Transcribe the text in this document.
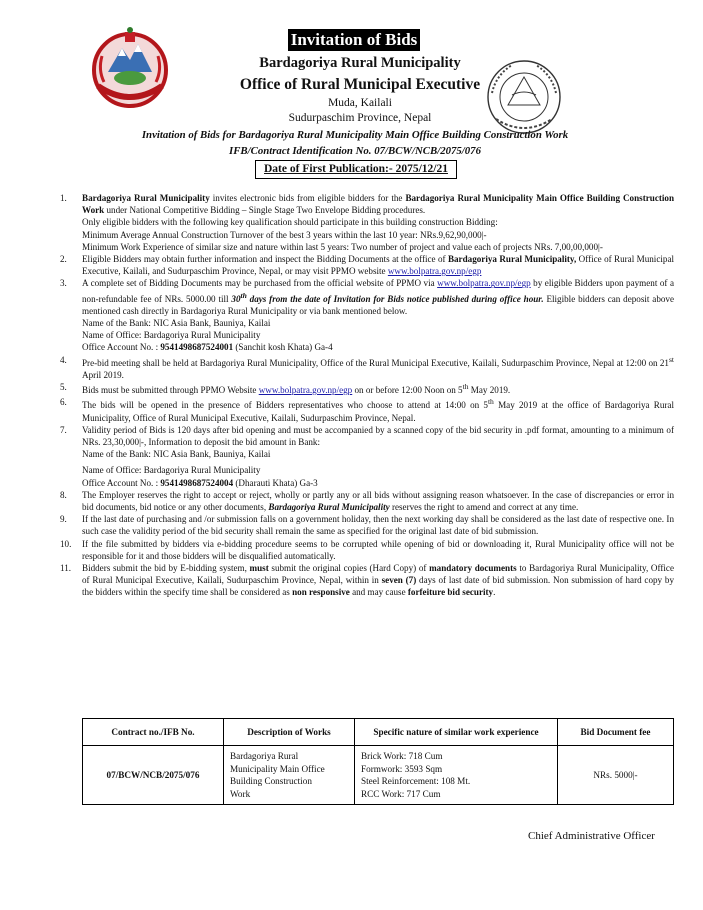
Invitation of Bids
Bardagoriya Rural Municipality
Office of Rural Municipal Executive
Muda, Kailali
Sudurpaschim Province, Nepal
Invitation of Bids for Bardagoriya Rural Municipality Main Office Building Construction Work
IFB/Contract Identification No. 07/BCW/NCB/2075/076
Date of First Publication:- 2075/12/21
1.	Bardagoriya Rural Municipality invites electronic bids from eligible bidders for the Bardagoriya Rural Municipality Main Office Building Construction Work under National Competitive Bidding – Single Stage Two Envelope Bidding procedures.
Only eligible bidders with the following key qualification should participate in this building construction Bidding:
Minimum Average Annual Construction Turnover of the best 3 years within the last 10 year: NRs.9,62,90,000|-
Minimum Work Experience of similar size and nature within last 5 years: Two number of project and value each of projects NRs. 7,00,00,000|-
2.	Eligible Bidders may obtain further information and inspect the Bidding Documents at the office of Bardagoriya Rural Municipality, Office of Rural Municipal Executive, Kailali, and Sudurpaschim Province, Nepal, or may visit PPMO website www.bolpatra.gov.np/egp
3.	A complete set of Bidding Documents may be purchased from the official website of PPMO via www.bolpatra.gov.np/egp by eligible Bidders upon payment of a non-refundable fee of NRs. 5000.00 till 30th days from the date of Invitation for Bids notice published during office hour. Eligible bidders can deposit above mentioned cash directly in Bardagoriya Rural Municipality or via bank mentioned below.
Name of the Bank: NIC Asia Bank, Bauniya, Kailai
Name of Office: Bardagoriya Rural Municipality
Office Account No. : 9541498687524001 (Sanchit kosh Khata) Ga-4
4.	Pre-bid meeting shall be held at Bardagoriya Rural Municipality, Office of the Rural Municipal Executive, Kailali, Sudurpaschim Province, Nepal at 12:00 on 21st April 2019.
5.	Bids must be submitted through PPMO Website www.bolpatra.gov.np/egp on or before 12:00 Noon on 5th May 2019.
6.	The bids will be opened in the presence of Bidders representatives who choose to attend at 14:00 on 5th May 2019 at the office of Bardagoriya Rural Municipality, Office of Rural Municipal Executive, Kailali, Sudurpaschim Province, Nepal.
7.	Validity period of Bids is 120 days after bid opening and must be accompanied by a scanned copy of the bid security in .pdf format, amounting to a minimum of NRs. 23,30,000|-, Information to deposit the bid amount in Bank:
Name of the Bank: NIC Asia Bank, Bauniya, Kailai

Name of Office: Bardagoriya Rural Municipality
Office Account No. : 9541498687524004 (Dharauti Khata) Ga-3
8.	The Employer reserves the right to accept or reject, wholly or partly any or all bids without assigning reason whatsoever. In the case of discrepancies or error in bid documents, bid notice or any other documents, Bardagoriya Rural Municipality reserves the right to amend and correct at any time.
9.	If the last date of purchasing and /or submission falls on a government holiday, then the next working day shall be considered as the last date of respective one. In such case the validity period of the bid security shall remain the same as specified for the original last date of bid submission.
10.	If the file submitted by bidders via e-bidding procedure seems to be corrupted while opening of bid or downloading it, Rural Municipality office will not be responsible for it and those bidders will be disqualified automatically.
11.	Bidders submit the bid by E-bidding system, must submit the original copies (Hard Copy) of mandatory documents to Bardagoriya Rural Municipality, Office of Rural Municipal Executive, Kailali, Sudurpaschim Province, Nepal, within in seven (7) days of last date of bid submission. Non submission of hard copy by the bidders within the specify time shall be considered as non responsive and may cause forfeiture bid security.
Contract no./IFB No.	Description of Works	Specific nature of similar work experience	Bid Document fee
07/BCW/NCB/2075/076	Bardagoriya Rural
Municipality Main Office
Building Construction
Work	Brick Work: 718 Cum
Formwork: 3593 Sqm
Steel Reinforcement: 108 Mt.
RCC Work: 717 Cum	NRs. 5000|-
Chief Administrative Officer
